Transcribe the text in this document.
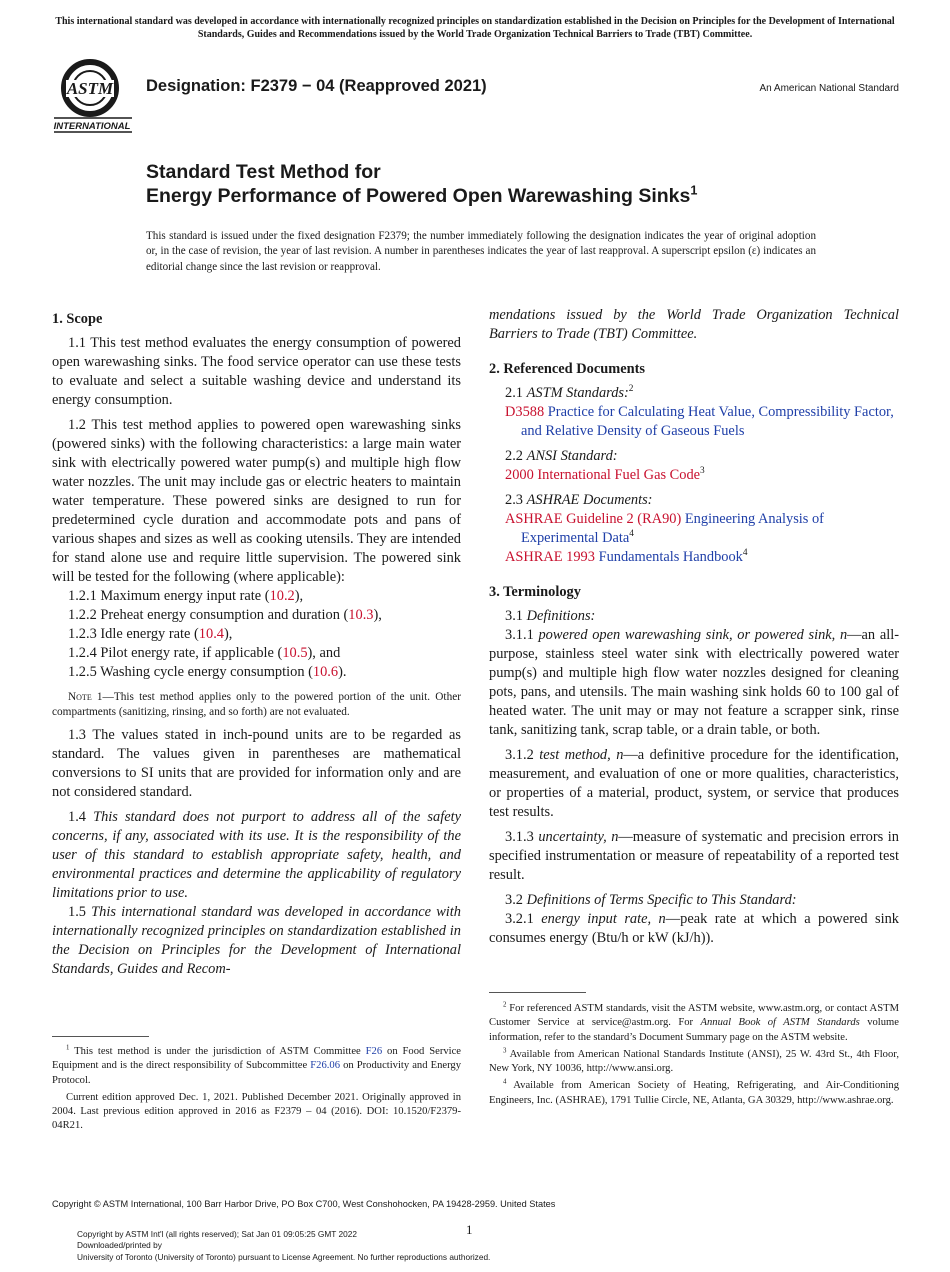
This international standard was developed in accordance with internationally recognized principles on standardization established in the Decision on Principles for the Development of International Standards, Guides and Recommendations issued by the World Trade Organization Technical Barriers to Trade (TBT) Committee.
ASTM
INTERNATIONAL
Designation: F2379 − 04 (Reapproved 2021)	An American National Standard
Standard Test Method for
Energy Performance of Powered Open Warewashing Sinks$^1$
This standard is issued under the fixed designation F2379; the number immediately following the designation indicates the year of original adoption or, in the case of revision, the year of last revision. A number in parentheses indicates the year of last reapproval. A superscript epsilon (ε) indicates an editorial change since the last revision or reapproval.
1. Scope

1.1 This test method evaluates the energy consumption of powered open warewashing sinks. The food service operator can use these tests to evaluate and select a suitable washing device and understand its energy consumption.

1.2 This test method applies to powered open warewashing sinks (powered sinks) with the following characteristics: a large main water sink with electrically powered water pump(s) and multiple high flow water nozzles. The unit may include gas or electric heaters to maintain water temperature. These powered sinks are designed to run for predetermined cycle duration and accommodate pots and pans of various shapes and sizes as well as cooking utensils. They are intended for stand alone use and require little supervision. The powered sink will be tested for the following (where applicable):

1.2.1 Maximum energy input rate (10.2),
1.2.2 Preheat energy consumption and duration (10.3),
1.2.3 Idle energy rate (10.4),
1.2.4 Pilot energy rate, if applicable (10.5), and
1.2.5 Washing cycle energy consumption (10.6).

Note 1—This test method applies only to the powered portion of the unit. Other compartments (sanitizing, rinsing, and so forth) are not evaluated.

1.3 The values stated in inch-pound units are to be regarded as standard. The values given in parentheses are mathematical conversions to SI units that are provided for information only and are not considered standard.

1.4 This standard does not purport to address all of the safety concerns, if any, associated with its use. It is the responsibility of the user of this standard to establish appropriate safety, health, and environmental practices and determine the applicability of regulatory limitations prior to use.

1.5 This international standard was developed in accordance with internationally recognized principles on standardization established in the Decision on Principles for the Development of International Standards, Guides and Recom-

mendations issued by the World Trade Organization Technical Barriers to Trade (TBT) Committee.
2. Referenced Documents
2.1 ASTM Standards:$^2$
D3588 Practice for Calculating Heat Value, Compressibility Factor, and Relative Density of Gaseous Fuels
2.2 ANSI Standard:
2000 International Fuel Gas Code$^3$
2.3 ASHRAE Documents:
ASHRAE Guideline 2 (RA90) Engineering Analysis of Experimental Data$^4$
ASHRAE 1993 Fundamentals Handbook$^4$
3. Terminology

3.1 Definitions:

3.1.1 powered open warewashing sink, or powered sink, n—an all-purpose, stainless steel water sink with electrically powered water pump(s) and multiple high flow water nozzles designed for cleaning pots, pans, and utensils. The main washing sink holds 60 to 100 gal of heated water. The unit may or may not feature a scrapper sink, rinse tank, sanitizing tank, scrap table, or a drain table, or both.

3.1.2 test method, n—a definitive procedure for the identification, measurement, and evaluation of one or more qualities, characteristics, or properties of a material, product, system, or service that produces test results.

3.1.3 uncertainty, n—measure of systematic and precision errors in specified instrumentation or measure of repeatability of a reported test result.

3.2 Definitions of Terms Specific to This Standard:

3.2.1 energy input rate, n—peak rate at which a powered sink consumes energy (Btu/h or kW (kJ/h)).

$^1$ This test method is under the jurisdiction of ASTM Committee F26 on Food Service Equipment and is the direct responsibility of Subcommittee F26.06 on Productivity and Energy Protocol.

Current edition approved Dec. 1, 2021. Published December 2021. Originally approved in 2004. Last previous edition approved in 2016 as F2379 – 04 (2016). DOI: 10.1520/F2379-04R21.

$^2$ For referenced ASTM standards, visit the ASTM website, www.astm.org, or contact ASTM Customer Service at service@astm.org. For Annual Book of ASTM Standards volume information, refer to the standard’s Document Summary page on the ASTM website.

$^3$ Available from American National Standards Institute (ANSI), 25 W. 43rd St., 4th Floor, New York, NY 10036, http://www.ansi.org.

$^4$ Available from American Society of Heating, Refrigerating, and Air-Conditioning Engineers, Inc. (ASHRAE), 1791 Tullie Circle, NE, Atlanta, GA 30329, http://www.ashrae.org.

Copyright © ASTM International, 100 Barr Harbor Drive, PO Box C700, West Conshohocken, PA 19428-2959. United States
1
Copyright by ASTM Int'l (all rights reserved); Sat Jan 01 09:05:25 GMT 2022
Downloaded/printed by
University of Toronto (University of Toronto) pursuant to License Agreement. No further reproductions authorized.
